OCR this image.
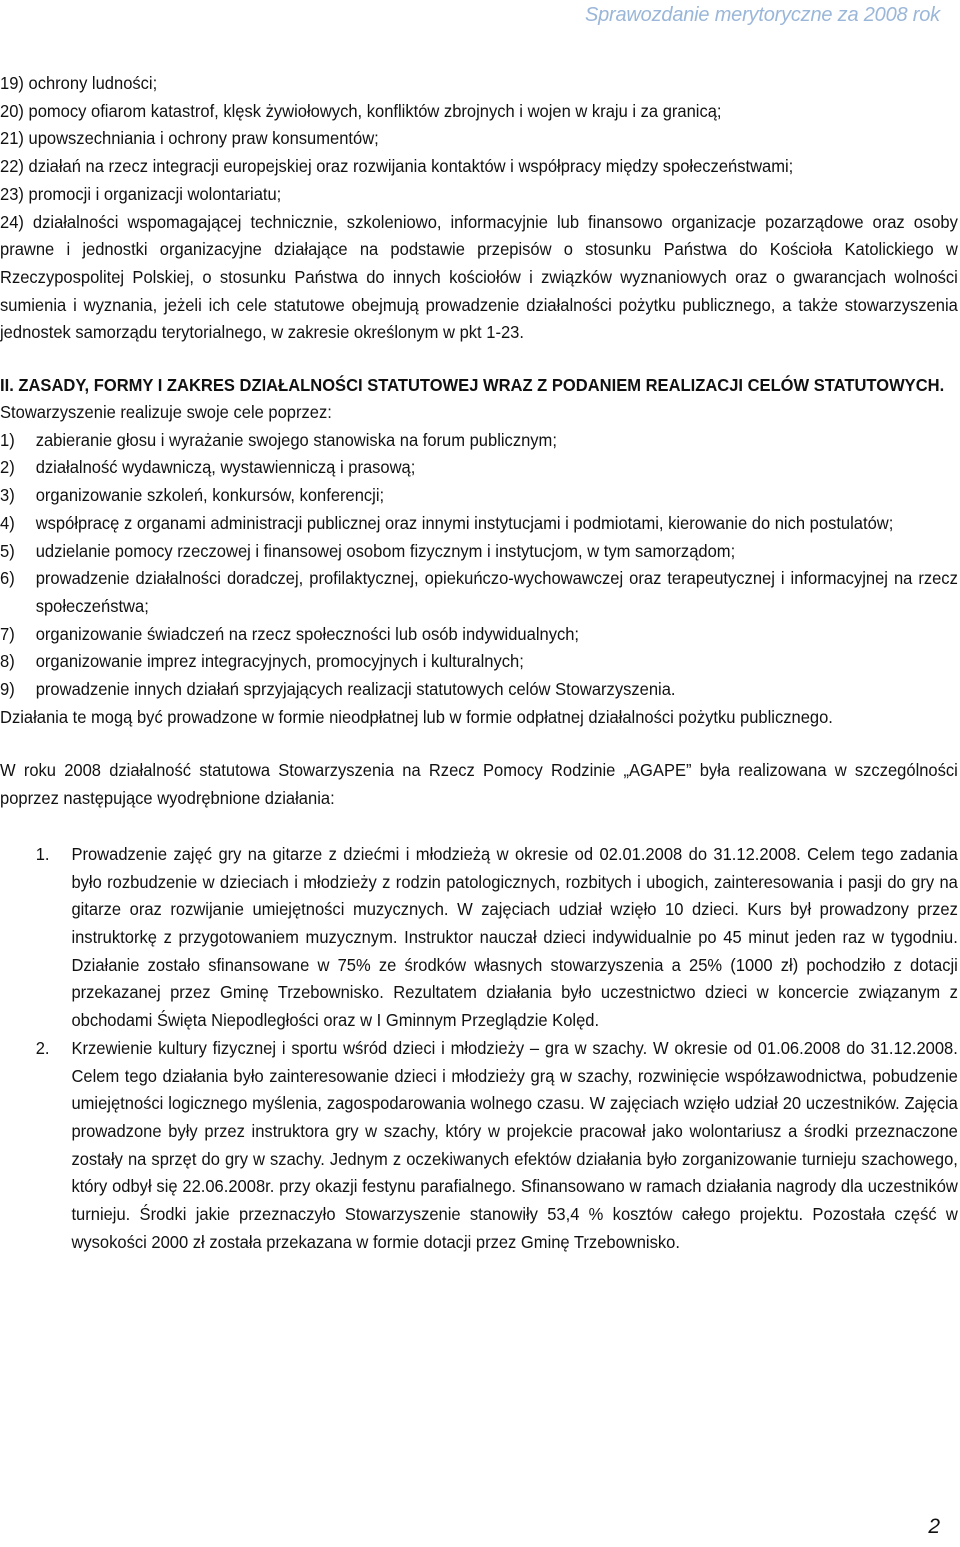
Sprawozdanie merytoryczne za 2008 rok

19) ochrony ludności;

20) pomocy ofiarom katastrof, klęsk żywiołowych, konfliktów zbrojnych i wojen w kraju i za granicą;

21) upowszechniania i ochrony praw konsumentów;

22) działań na rzecz integracji europejskiej oraz rozwijania kontaktów i współpracy między społeczeństwami;

23) promocji i organizacji wolontariatu;

24) działalności wspomagającej technicznie, szkoleniowo, informacyjnie lub finansowo organizacje pozarządowe oraz osoby prawne i jednostki organizacyjne działające na podstawie przepisów o stosunku Państwa do Kościoła Katolickiego w Rzeczypospolitej Polskiej, o stosunku Państwa do innych kościołów i związków wyznaniowych oraz o gwarancjach wolności sumienia i wyznania, jeżeli ich cele statutowe obejmują prowadzenie działalności pożytku publicznego, a także stowarzyszenia jednostek samorządu terytorialnego, w zakresie określonym w pkt 1-23.

II. ZASADY, FORMY I ZAKRES DZIAŁALNOŚCI STATUTOWEJ WRAZ Z PODANIEM REALIZACJI CELÓW STATUTOWYCH.

Stowarzyszenie realizuje swoje cele poprzez:

1)	zabieranie głosu i wyrażanie swojego stanowiska na forum publicznym;
2)	działalność wydawniczą, wystawienniczą i prasową;
3)	organizowanie szkoleń, konkursów, konferencji;
4)	współpracę z organami administracji publicznej oraz innymi instytucjami i podmiotami, kierowanie do nich postulatów;
5)	udzielanie pomocy rzeczowej i finansowej osobom fizycznym i instytucjom, w tym samorządom;
6)	prowadzenie działalności doradczej, profilaktycznej, opiekuńczo-wychowawczej oraz terapeutycznej i informacyjnej na rzecz społeczeństwa;
7)	organizowanie świadczeń na rzecz społeczności lub osób indywidualnych;
8)	organizowanie imprez integracyjnych, promocyjnych i kulturalnych;
9)	prowadzenie innych działań sprzyjających realizacji statutowych celów Stowarzyszenia.

Działania te mogą być prowadzone w formie nieodpłatnej lub w formie odpłatnej działalności pożytku publicznego.

W roku 2008 działalność statutowa Stowarzyszenia na Rzecz Pomocy Rodzinie „AGAPE” była realizowana w szczególności poprzez następujące wyodrębnione działania:

1.	Prowadzenie zajęć gry na gitarze z dziećmi i młodzieżą w okresie od 02.01.2008 do 31.12.2008. Celem tego zadania było rozbudzenie w dzieciach i młodzieży z rodzin patologicznych, rozbitych i ubogich, zainteresowania i pasji do gry na gitarze oraz rozwijanie umiejętności muzycznych. W zajęciach udział wzięło 10 dzieci. Kurs był prowadzony przez instruktorkę z przygotowaniem muzycznym. Instruktor nauczał dzieci indywidualnie po 45 minut jeden raz w tygodniu. Działanie zostało sfinansowane w 75% ze środków własnych stowarzyszenia a 25% (1000 zł) pochodziło z dotacji przekazanej przez Gminę Trzebownisko. Rezultatem działania było uczestnictwo dzieci w koncercie związanym z obchodami Święta Niepodległości oraz w I Gminnym Przeglądzie Kolęd.
2.	Krzewienie kultury fizycznej i sportu wśród dzieci i młodzieży – gra w szachy. W okresie od 01.06.2008 do 31.12.2008. Celem tego działania było zainteresowanie dzieci i młodzieży grą w szachy, rozwinięcie współzawodnictwa, pobudzenie umiejętności logicznego myślenia, zagospodarowania wolnego czasu. W zajęciach wzięło udział 20 uczestników. Zajęcia prowadzone były przez instruktora gry w szachy, który w projekcie pracował jako wolontariusz a środki przeznaczone zostały na sprzęt do gry w szachy. Jednym z oczekiwanych efektów działania było zorganizowanie turnieju szachowego, który odbył się 22.06.2008r. przy okazji festynu parafialnego. Sfinansowano w ramach działania nagrody dla uczestników turnieju. Środki jakie przeznaczyło Stowarzyszenie stanowiły 53,4 % kosztów całego projektu. Pozostała część w wysokości 2000 zł została przekazana w formie dotacji przez Gminę Trzebownisko.
2
